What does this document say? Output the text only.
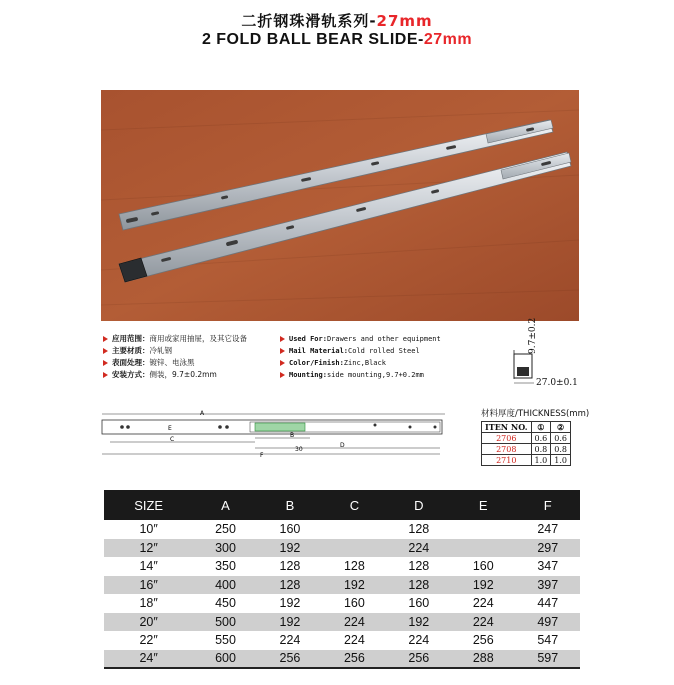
二折钢珠滑轨系列-27mm
2 FOLD BALL BEAR SLIDE-27mm
应用范围： 商用或家用抽屉，及其它设备
主要材质： 冷轧钢
表面处理： 镀锌、电泳黑
安装方式： 侧装，9.7±0.2mm
Used For: Drawers and other equipment
Mail Material: Cold rolled Steel
Color/Finish: Zinc,Black
Mounting: side mounting,9.7+0.2mm
9.7±0.2
27.0±0.1
A
C
E
D
B
30
F
材料厚度/THICKNESS(mm)
ITEN NO.	①	②
2706	0.6	0.6
2708	0.8	0.8
2710	1.0	1.0
SIZE	A	B	C	D	E	F
10″	250	160		128		247
12″	300	192		224		297
14″	350	128	128	128	160	347
16″	400	128	192	128	192	397
18″	450	192	160	160	224	447
20″	500	192	224	192	224	497
22″	550	224	224	224	256	547
24″	600	256	256	256	288	597
